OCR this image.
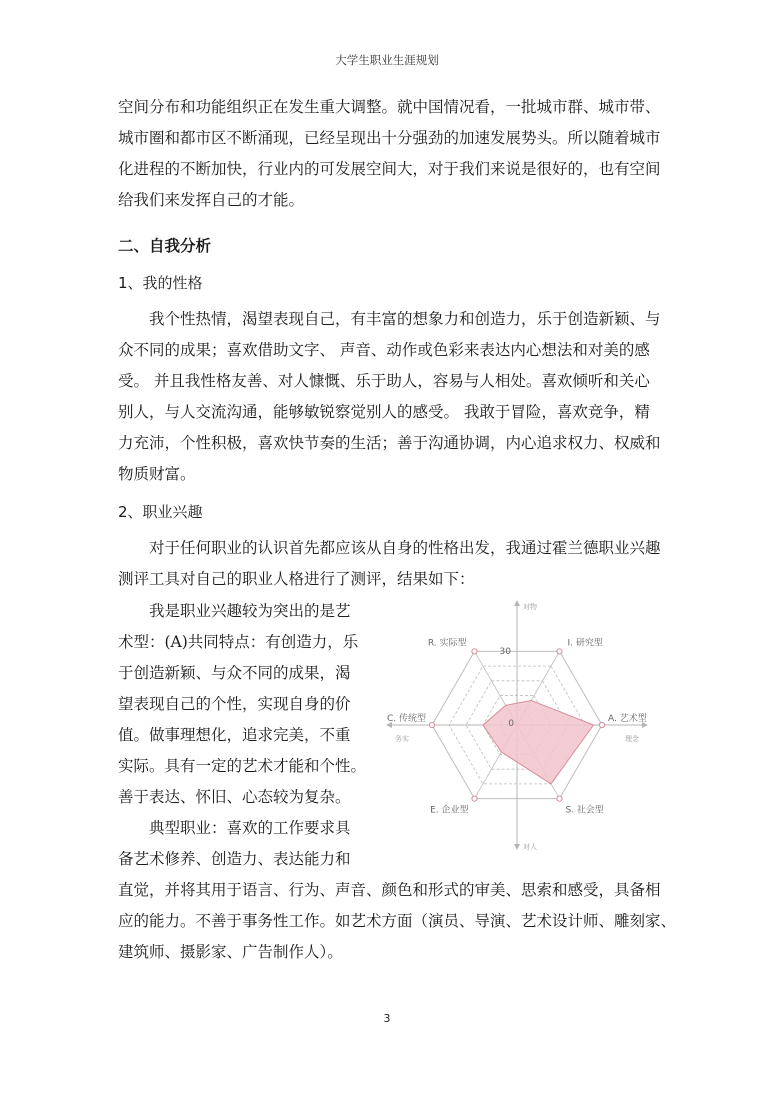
大学生职业生涯规划

空间分布和功能组织正在发生重大调整。就中国情况看，一批城市群、城市带、
城市圈和都市区不断涌现，已经呈现出十分强劲的加速发展势头。所以随着城市
化进程的不断加快，行业内的可发展空间大，对于我们来说是很好的，也有空间
给我们来发挥自己的才能。

二、自我分析
1、我的性格

我个性热情，渴望表现自己，有丰富的想象力和创造力，乐于创造新颖、与
众不同的成果；喜欢借助文字、 声音、动作或色彩来表达内心想法和对美的感
受。 并且我性格友善、对人慷慨、乐于助人，容易与人相处。喜欢倾听和关心
别人，与人交流沟通，能够敏锐察觉别人的感受。 我敢于冒险，喜欢竞争，精
力充沛，个性积极，喜欢快节奏的生活；善于沟通协调，内心追求权力、权威和
物质财富。

2、职业兴趣

对于任何职业的认识首先都应该从自身的性格出发，我通过霍兰德职业兴趣
测评工具对自己的职业人格进行了测评，结果如下：

我是职业兴趣较为突出的是艺
术型：(A)共同特点：有创造力，乐
于创造新颖、与众不同的成果，渴
望表现自己的个性，实现自身的价
值。做事理想化，追求完美，不重
实际。具有一定的艺术才能和个性。
善于表达、怀旧、心态较为复杂。

典型职业：喜欢的工作要求具
备艺术修养、创造力、表达能力和
直觉，并将其用于语言、行为、声音、颜色和形式的审美、思索和感受，具备相
应的能力。不善于事务性工作。如艺术方面（演员、导演、艺术设计师、雕刻家、
建筑师、摄影家、广告制作人）。

I. 研究型
A. 艺术型
S. 社会型
E. 企业型
C. 传统型
R. 实际型
30
0
对物
对人
务实	理念
3
